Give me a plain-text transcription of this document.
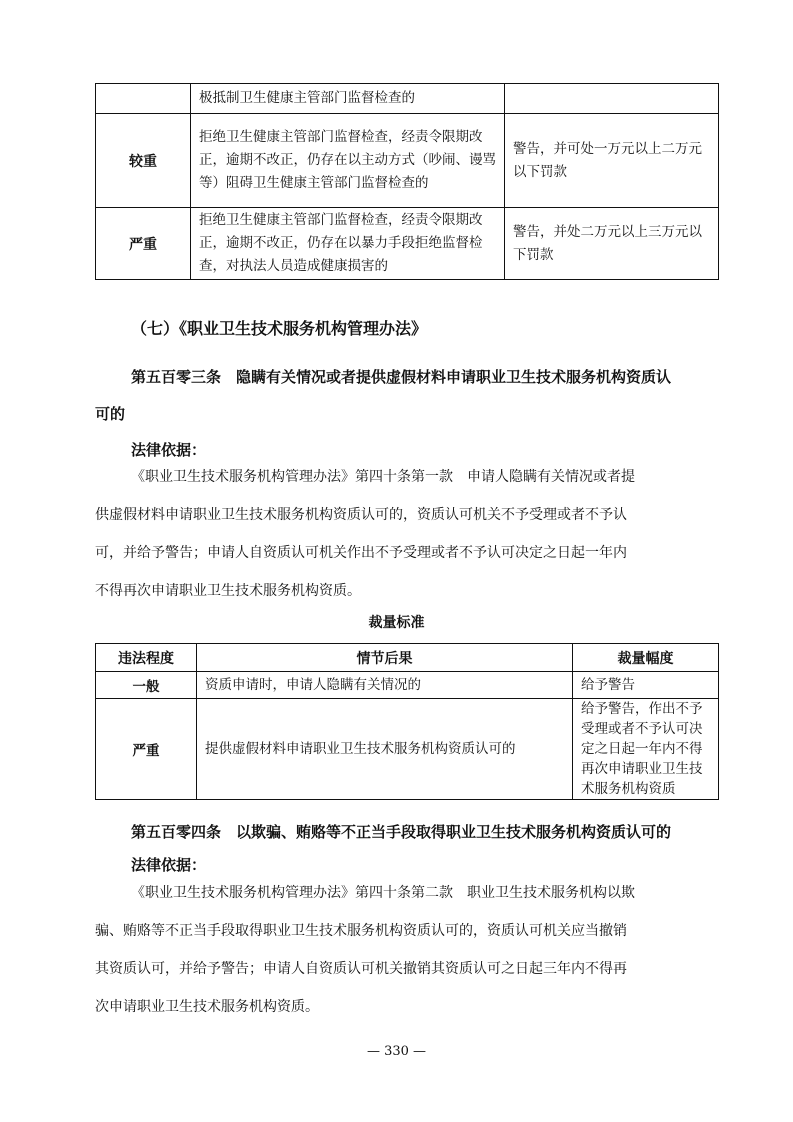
	极抵制卫生健康主管部门监督检查的	

较重	拒绝卫生健康主管部门监督检查，经责令限期改正，逾期不改正，仍存在以主动方式（吵闹、谩骂等）阻碍卫生健康主管部门监督检查的	警告，并可处一万元以上二万元以下罚款

严重	拒绝卫生健康主管部门监督检查，经责令限期改正，逾期不改正，仍存在以暴力手段拒绝监督检查，对执法人员造成健康损害的	警告，并处二万元以上三万元以下罚款
（七）《职业卫生技术服务机构管理办法》
第五百零三条　隐瞒有关情况或者提供虚假材料申请职业卫生技术服务机构资质认
可的
法律依据：
《职业卫生技术服务机构管理办法》第四十条第一款　申请人隐瞒有关情况或者提
供虚假材料申请职业卫生技术服务机构资质认可的，资质认可机关不予受理或者不予认
可，并给予警告；申请人自资质认可机关作出不予受理或者不予认可决定之日起一年内
不得再次申请职业卫生技术服务机构资质。
裁量标准
违法程度	情节后果	裁量幅度
一般	资质申请时，申请人隐瞒有关情况的	给予警告

严重	提供虚假材料申请职业卫生技术服务机构资质认可的	给予警告，作出不予受理或者不予认可决定之日起一年内不得再次申请职业卫生技术服务机构资质
第五百零四条　以欺骗、贿赂等不正当手段取得职业卫生技术服务机构资质认可的
法律依据：
《职业卫生技术服务机构管理办法》第四十条第二款　职业卫生技术服务机构以欺
骗、贿赂等不正当手段取得职业卫生技术服务机构资质认可的，资质认可机关应当撤销
其资质认可，并给予警告；申请人自资质认可机关撤销其资质认可之日起三年内不得再
次申请职业卫生技术服务机构资质。
— 330 —
